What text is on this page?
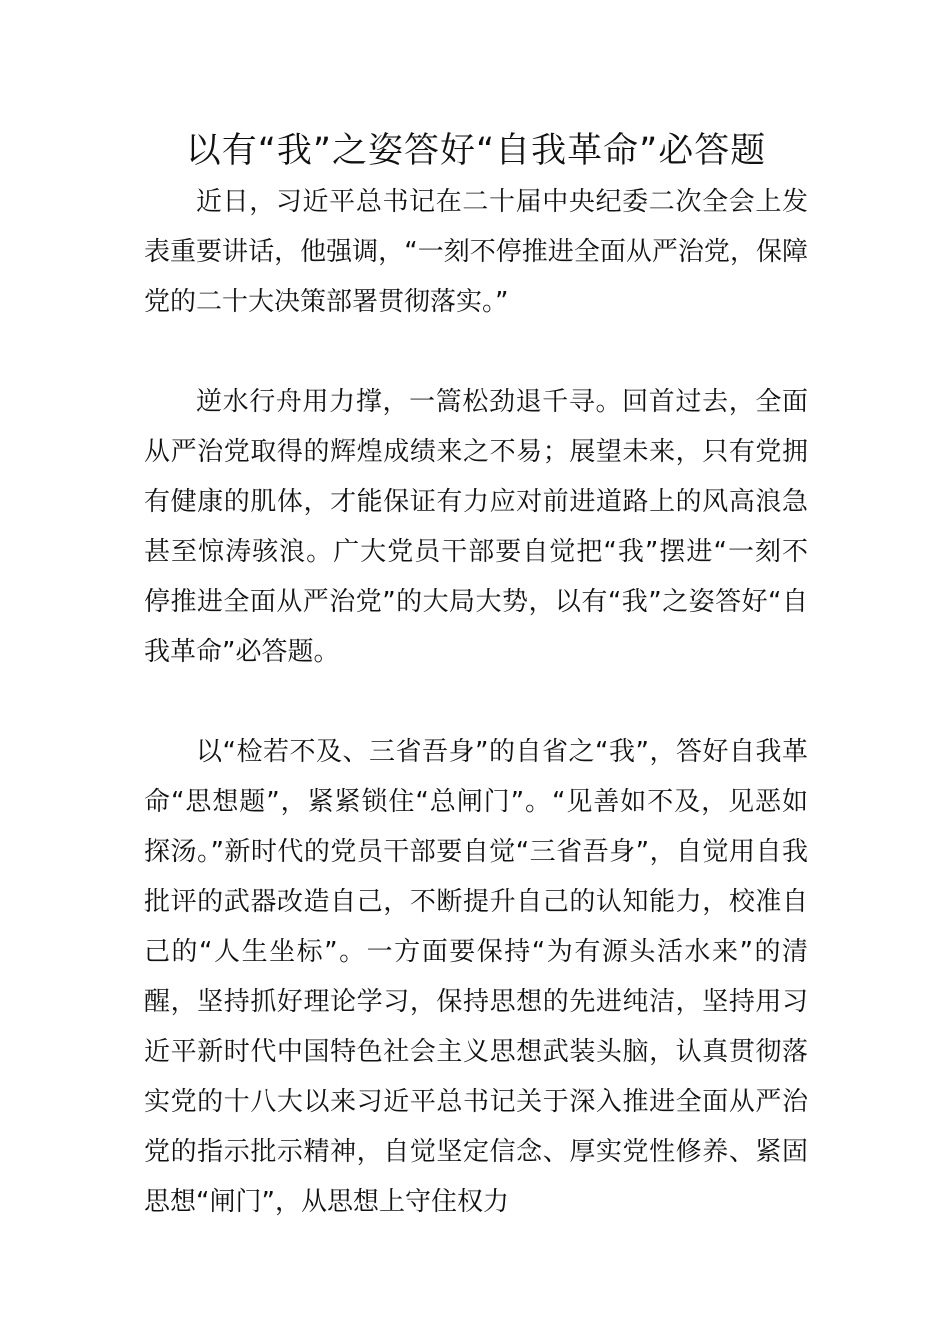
以有“我”之姿答好“自我革命”必答题

近日，习近平总书记在二十届中央纪委二次全会上发表重要讲话，他强调，“一刻不停推进全面从严治党，保障党的二十大决策部署贯彻落实。”

逆水行舟用力撑，一篙松劲退千寻。回首过去，全面从严治党取得的辉煌成绩来之不易；展望未来，只有党拥有健康的肌体，才能保证有力应对前进道路上的风高浪急甚至惊涛骇浪。广大党员干部要自觉把“我”摆进“一刻不停推进全面从严治党”的大局大势，以有“我”之姿答好“自我革命”必答题。

以“检若不及、三省吾身”的自省之“我”，答好自我革命“思想题”，紧紧锁住“总闸门”。“见善如不及，见恶如探汤。”新时代的党员干部要自觉“三省吾身”，自觉用自我批评的武器改造自己，不断提升自己的认知能力，校准自己的“人生坐标”。一方面要保持“为有源头活水来”的清醒，坚持抓好理论学习，保持思想的先进纯洁，坚持用习近平新时代中国特色社会主义思想武装头脑，认真贯彻落实党的十八大以来习近平总书记关于深入推进全面从严治党的指示批示精神，自觉坚定信念、厚实党性修养、紧固思想“闸门”，从思想上守住权力
